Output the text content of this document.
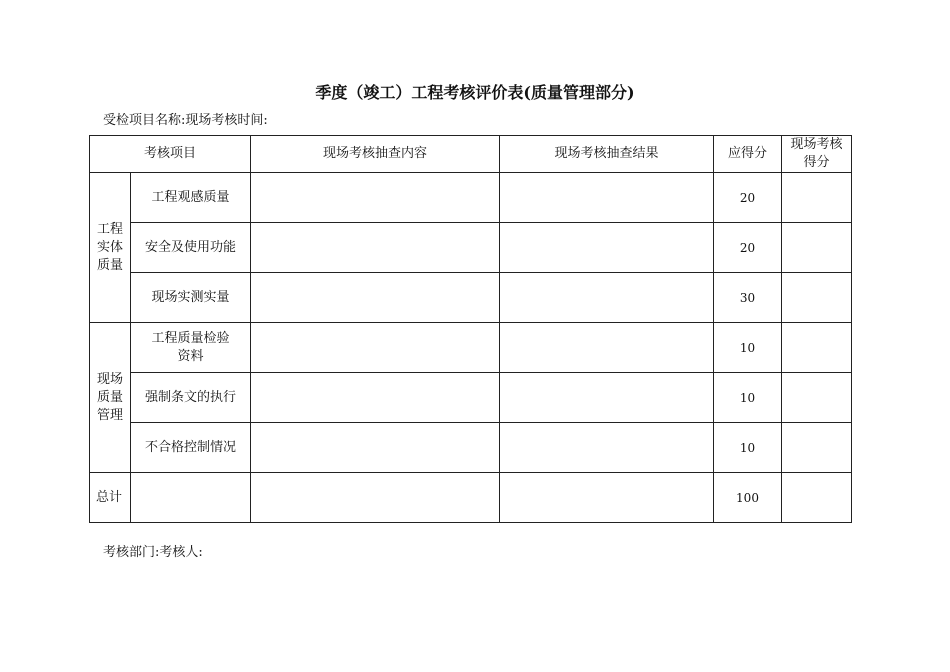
季度（竣工）工程考核评价表(质量管理部分)
受检项目名称:现场考核时间:
考核项目		现场考核抽查内容	现场考核抽查结果	应得分	现场考核得分
工程实体质量	工程观感质量			20	
	安全及使用功能			20	
	现场实测实量			30	
现场质量管理	工程质量检验资料			10	
	强制条文的执行			10	
	不合格控制情况			10	
总计				100	
考核部门:考核人:
